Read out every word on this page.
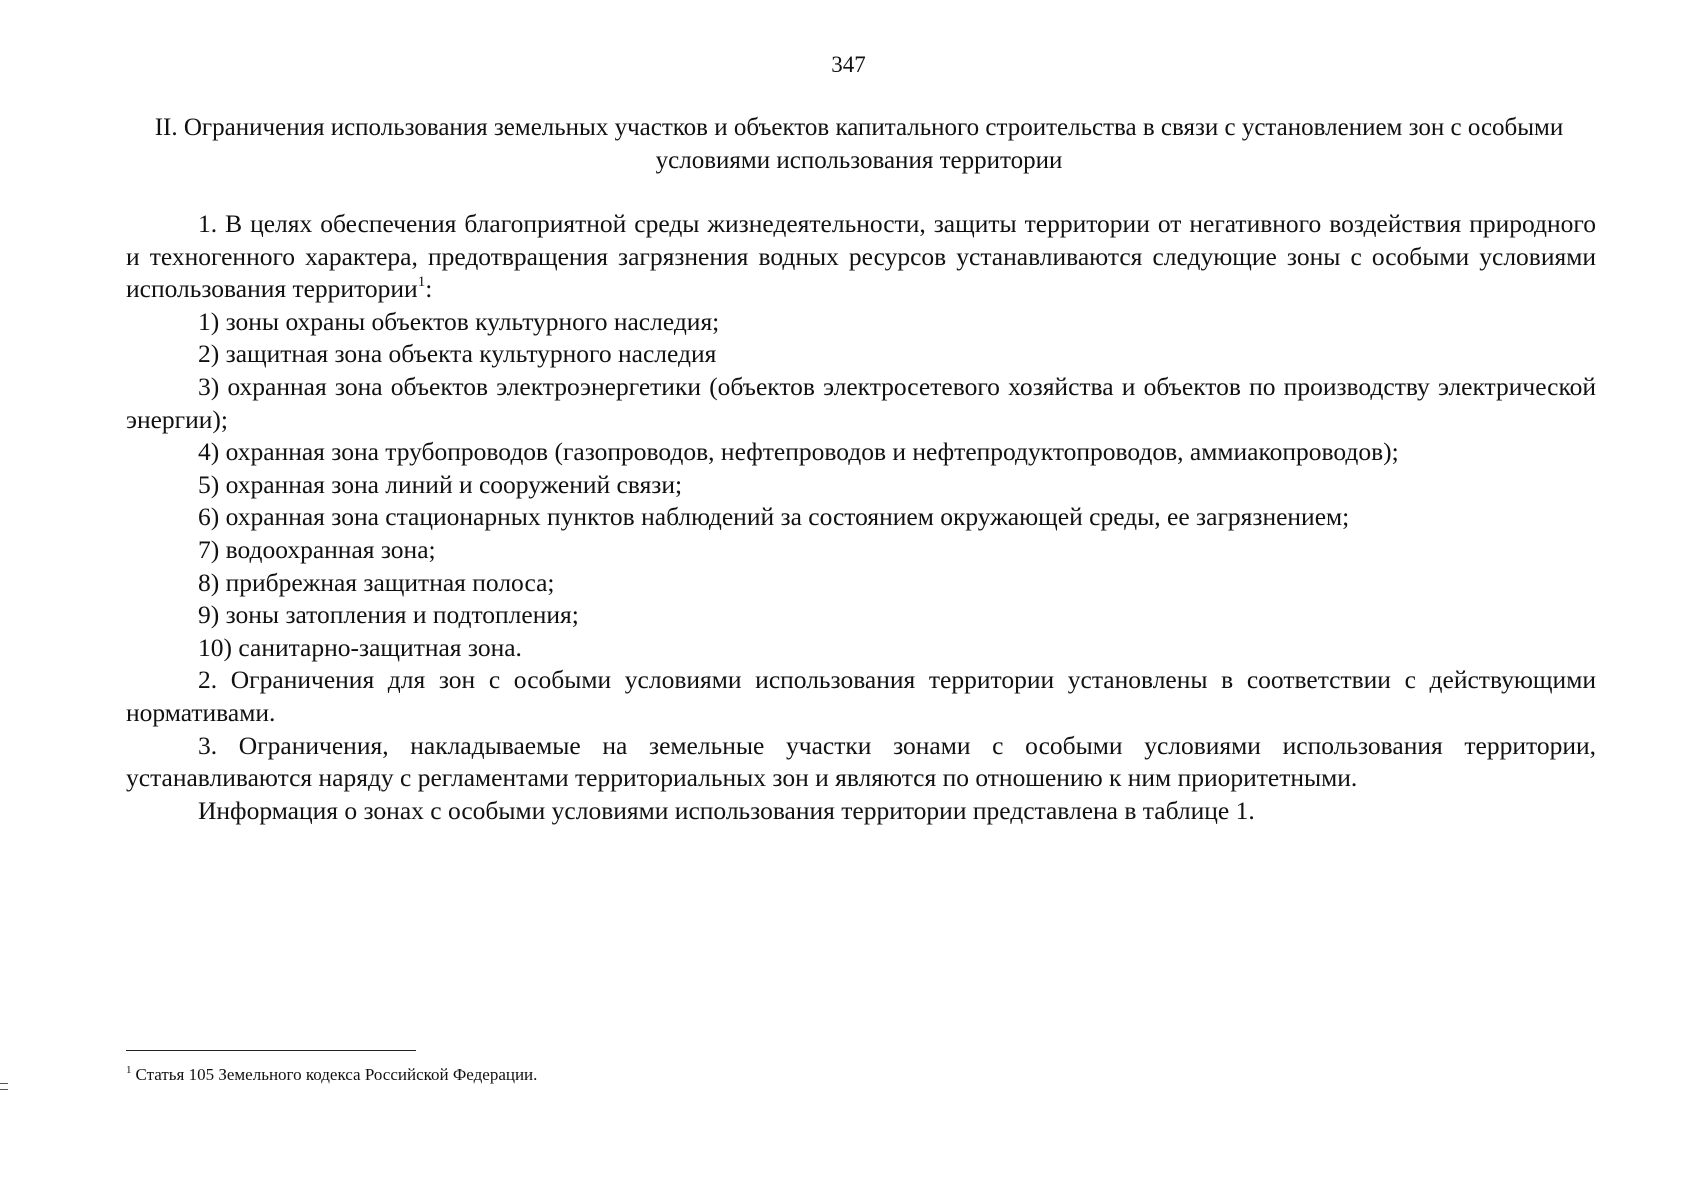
347
II. Ограничения использования земельных участков и объектов капитального строительства в связи с установлением зон с особыми условиями использования территории

1. В целях обеспечения благоприятной среды жизнедеятельности, защиты территории от негативного воздействия природного и техногенного характера, предотвращения загрязнения водных ресурсов устанавливаются следующие зоны с особыми условиями использования территории$^1$:

1) зоны охраны объектов культурного наследия;

2) защитная зона объекта культурного наследия

3) охранная зона объектов электроэнергетики (объектов электросетевого хозяйства и объектов по производству электрической энергии);

4) охранная зона трубопроводов (газопроводов, нефтепроводов и нефтепродуктопроводов, аммиакопроводов);

5) охранная зона линий и сооружений связи;

6) охранная зона стационарных пунктов наблюдений за состоянием окружающей среды, ее загрязнением;

7) водоохранная зона;

8) прибрежная защитная полоса;

9) зоны затопления и подтопления;

10) санитарно-защитная зона.

2. Ограничения для зон с особыми условиями использования территории установлены в соответствии с действующими нормативами.

3. Ограничения, накладываемые на земельные участки зонами с особыми условиями использования территории, устанавливаются наряду с регламентами территориальных зон и являются по отношению к ним приоритетными.

Информация о зонах с особыми условиями использования территории представлена в таблице 1.

$^1$ Статья 105 Земельного кодекса Российской Федерации.
